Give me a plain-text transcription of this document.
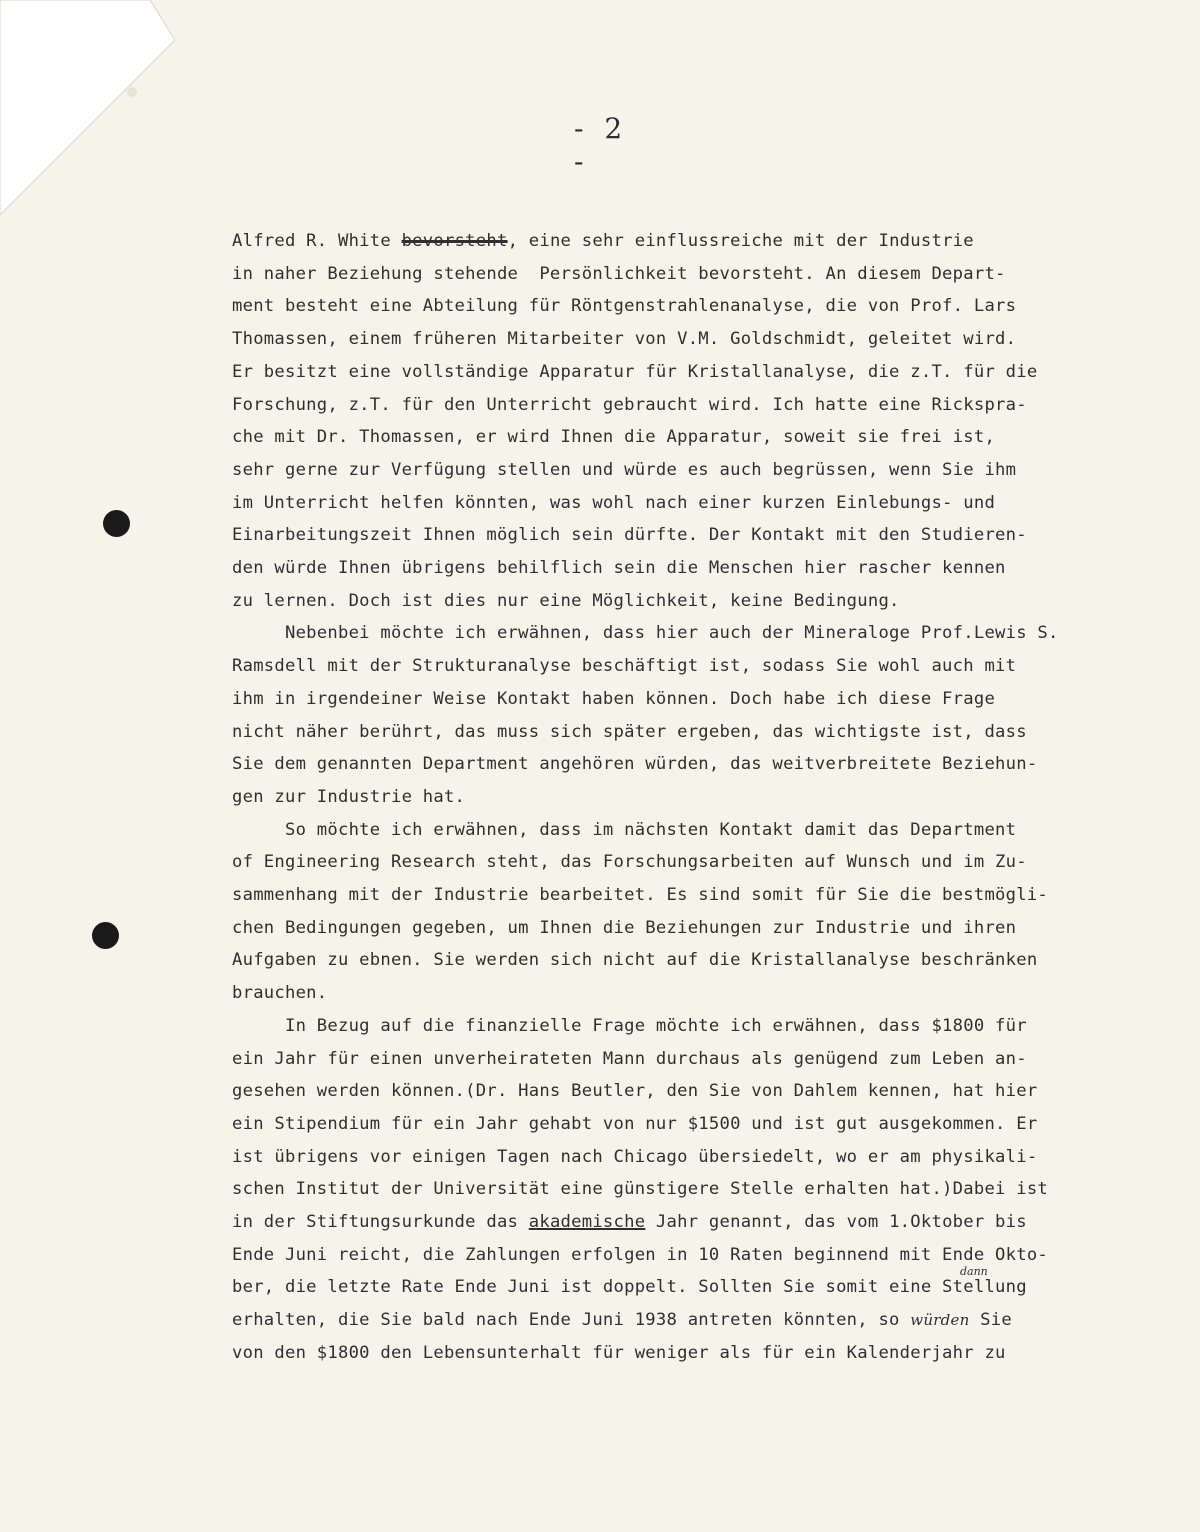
- 2 -
Alfred R. White bevorsteht, eine sehr einflussreiche mit der Industrie
in naher Beziehung stehende  Persönlichkeit bevorsteht. An diesem Depart-
ment besteht eine Abteilung für Röntgenstrahlenanalyse, die von Prof. Lars
Thomassen, einem früheren Mitarbeiter von V.M. Goldschmidt, geleitet wird.
Er besitzt eine vollständige Apparatur für Kristallanalyse, die z.T. für die
Forschung, z.T. für den Unterricht gebraucht wird. Ich hatte eine Ricksprа-
che mit Dr. Thomassen, er wird Ihnen die Apparatur, soweit sie frei ist,
sehr gerne zur Verfügung stellen und würde es auch begrüssen, wenn Sie ihm
im Unterricht helfen könnten, was wohl nach einer kurzen Einlebungs- und
Einarbeitungszeit Ihnen möglich sein dürfte. Der Kontakt mit den Studieren-
den würde Ihnen übrigens behilflich sein die Menschen hier rascher kennen
zu lernen. Doch ist dies nur eine Möglichkeit, keine Bedingung.
Nebenbei möchte ich erwähnen, dass hier auch der Mineraloge Prof.Lewis S.
Ramsdell mit der Strukturanalyse beschäftigt ist, sodass Sie wohl auch mit
ihm in irgendeiner Weise Kontakt haben können. Doch habe ich diese Frage
nicht näher berührt, das muss sich später ergeben, das wichtigste ist, dass
Sie dem genannten Department angehören würden, das weitverbreitete Beziehun-
gen zur Industrie hat.
So möchte ich erwähnen, dass im nächsten Kontakt damit das Department
of Engineering Research steht, das Forschungsarbeiten auf Wunsch und im Zu-
sammenhang mit der Industrie bearbeitet. Es sind somit für Sie die bestmögli-
chen Bedingungen gegeben, um Ihnen die Beziehungen zur Industrie und ihren
Aufgaben zu ebnen. Sie werden sich nicht auf die Kristallanalyse beschränken
brauchen.
In Bezug auf die finanzielle Frage möchte ich erwähnen, dass $1800 für
ein Jahr für einen unverheirateten Mann durchaus als genügend zum Leben an-
gesehen werden können.(Dr. Hans Beutler, den Sie von Dahlem kennen, hat hier
ein Stipendium für ein Jahr gehabt von nur $1500 und ist gut ausgekommen. Er
ist übrigens vor einigen Tagen nach Chicago übersiedelt, wo er am physikali-
schen Institut der Universität eine günstigere Stelle erhalten hat.)Dabei ist
in der Stiftungsurkunde das akademische Jahr genannt, das vom 1.Oktober bis
Ende Juni reicht, die Zahlungen erfolgen in 10 Raten beginnend mit Ende Okto-
ber, die letzte Rate Ende Juni ist doppelt. Sollten Sie somit eine Stellung
erhalten, die Sie bald nach Ende Juni 1938 antreten könnten, so würden Sie
von den $1800 den Lebensunterhalt für weniger als für ein Kalenderjahr zu
dann
